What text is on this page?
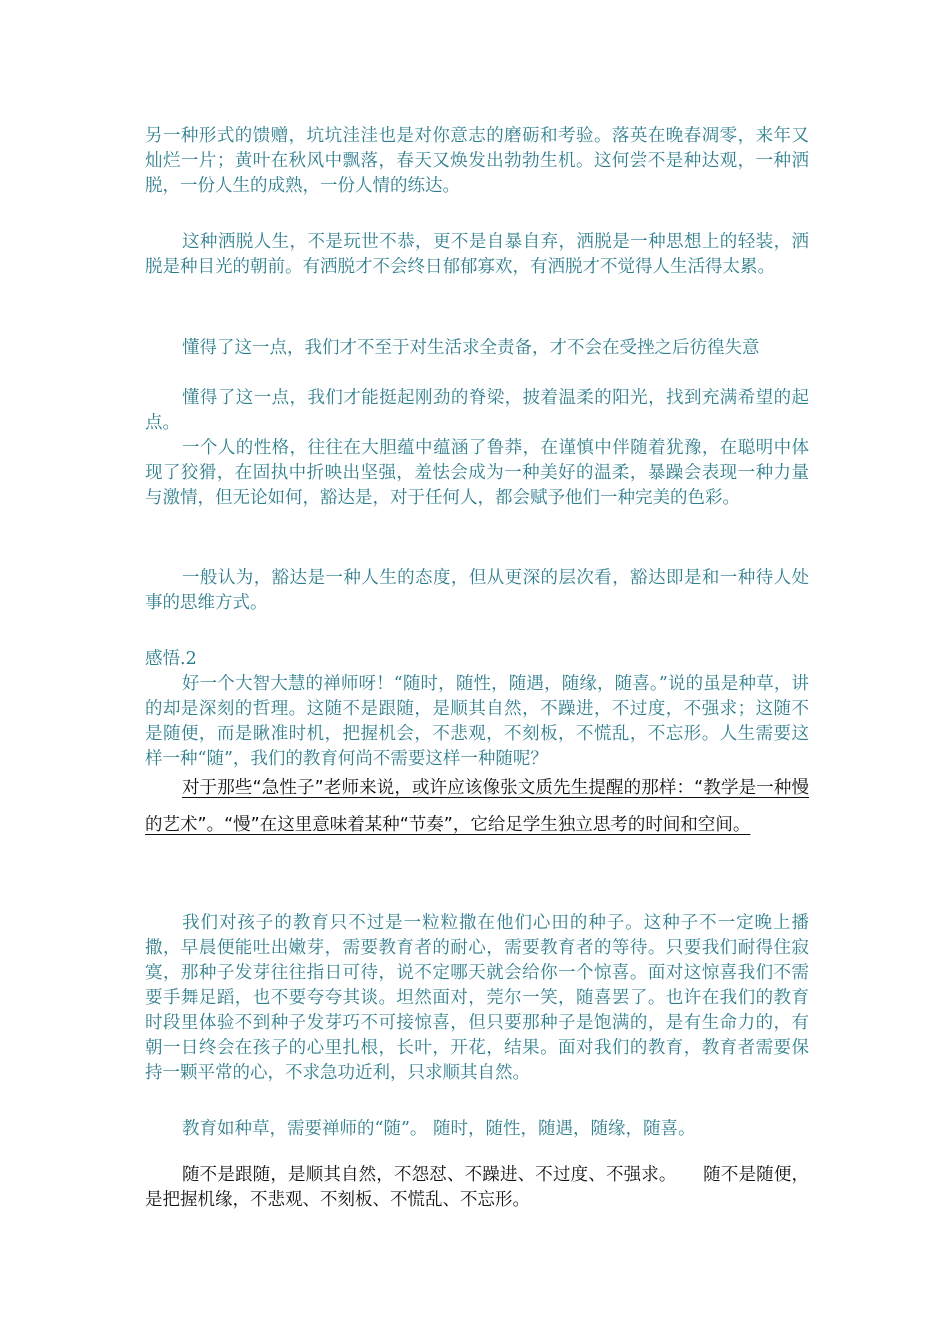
另一种形式的馈赠，坑坑洼洼也是对你意志的磨砺和考验。落英在晚春凋零，来年又灿烂一片；黄叶在秋风中飘落，春天又焕发出勃勃生机。这何尝不是种达观，一种洒脱，一份人生的成熟，一份人情的练达。

这种洒脱人生，不是玩世不恭，更不是自暴自弃，洒脱是一种思想上的轻装，洒脱是种目光的朝前。有洒脱才不会终日郁郁寡欢，有洒脱才不觉得人生活得太累。

懂得了这一点，我们才不至于对生活求全责备，才不会在受挫之后彷徨失意

懂得了这一点，我们才能挺起刚劲的脊梁，披着温柔的阳光，找到充满希望的起点。

一个人的性格，往往在大胆蕴中蕴涵了鲁莽，在谨慎中伴随着犹豫，在聪明中体现了狡猾，在固执中折映出坚强，羞怯会成为一种美好的温柔，暴躁会表现一种力量与激情，但无论如何，豁达是，对于任何人，都会赋予他们一种完美的色彩。

一般认为，豁达是一种人生的态度，但从更深的层次看，豁达即是和一种待人处事的思维方式。

感悟.2

好一个大智大慧的禅师呀！“随时，随性，随遇，随缘，随喜。”说的虽是种草，讲的却是深刻的哲理。这随不是跟随，是顺其自然，不躁进，不过度，不强求；这随不是随便，而是瞅准时机，把握机会，不悲观，不刻板，不慌乱，不忘形。人生需要这样一种“随”，我们的教育何尚不需要这样一种随呢？

对于那些“急性子”老师来说，或许应该像张文质先生提醒的那样：“教学是一种慢的艺术”。“慢”在这里意味着某种“节奏”，它给足学生独立思考的时间和空间。

我们对孩子的教育只不过是一粒粒撒在他们心田的种子。这种子不一定晚上播撒，早晨便能吐出嫩芽，需要教育者的耐心，需要教育者的等待。只要我们耐得住寂寞，那种子发芽往往指日可待，说不定哪天就会给你一个惊喜。面对这惊喜我们不需要手舞足蹈，也不要夸夸其谈。坦然面对，莞尔一笑，随喜罢了。也许在我们的教育时段里体验不到种子发芽巧不可接惊喜，但只要那种子是饱满的，是有生命力的，有朝一日终会在孩子的心里扎根，长叶，开花，结果。面对我们的教育，教育者需要保持一颗平常的心，不求急功近利，只求顺其自然。

教育如种草，需要禅师的“随”。 随时，随性，随遇，随缘，随喜。

随不是跟随，是顺其自然，不怨怼、不躁进、不过度、不强求。　　随不是随便，是把握机缘，不悲观、不刻板、不慌乱、不忘形。
